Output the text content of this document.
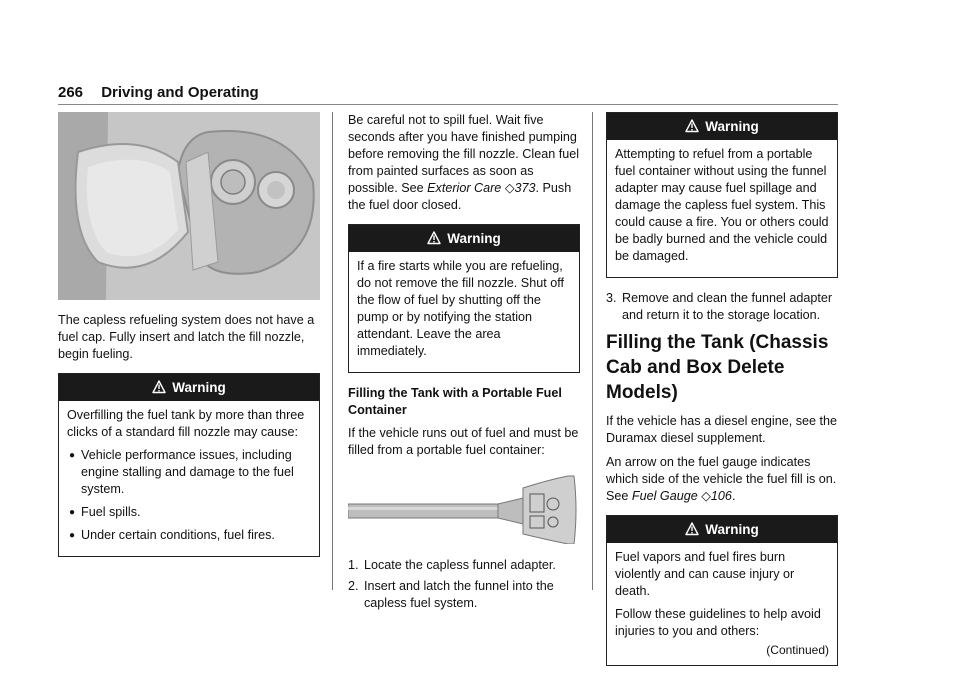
266 Driving and Operating

The capless refueling system does not have a fuel cap. Fully insert and latch the fill nozzle, begin fueling.

Warning

Overfilling the fuel tank by more than three clicks of a standard fill nozzle may cause:

● Vehicle performance issues, including engine stalling and damage to the fuel system.
● Fuel spills.
● Under certain conditions, fuel fires.

Be careful not to spill fuel. Wait five seconds after you have finished pumping before removing the fill nozzle. Clean fuel from painted surfaces as soon as possible. See Exterior Care ◇373. Push the fuel door closed.

Warning

If a fire starts while you are refueling, do not remove the fill nozzle. Shut off the flow of fuel by shutting off the pump or by notifying the station attendant. Leave the area immediately.

Filling the Tank with a Portable Fuel Container

If the vehicle runs out of fuel and must be filled from a portable fuel container:

1. Locate the capless funnel adapter.
2. Insert and latch the funnel into the capless fuel system.
Warning

Attempting to refuel from a portable fuel container without using the funnel adapter may cause fuel spillage and damage the capless fuel system. This could cause a fire. You or others could be badly burned and the vehicle could be damaged.

3. Remove and clean the funnel adapter and return it to the storage location.
Filling the Tank (Chassis Cab and Box Delete Models)

If the vehicle has a diesel engine, see the Duramax diesel supplement.

An arrow on the fuel gauge indicates which side of the vehicle the fuel fill is on. See Fuel Gauge ◇106.

Warning

Fuel vapors and fuel fires burn violently and can cause injury or death.

Follow these guidelines to help avoid injuries to you and others:

(Continued)
